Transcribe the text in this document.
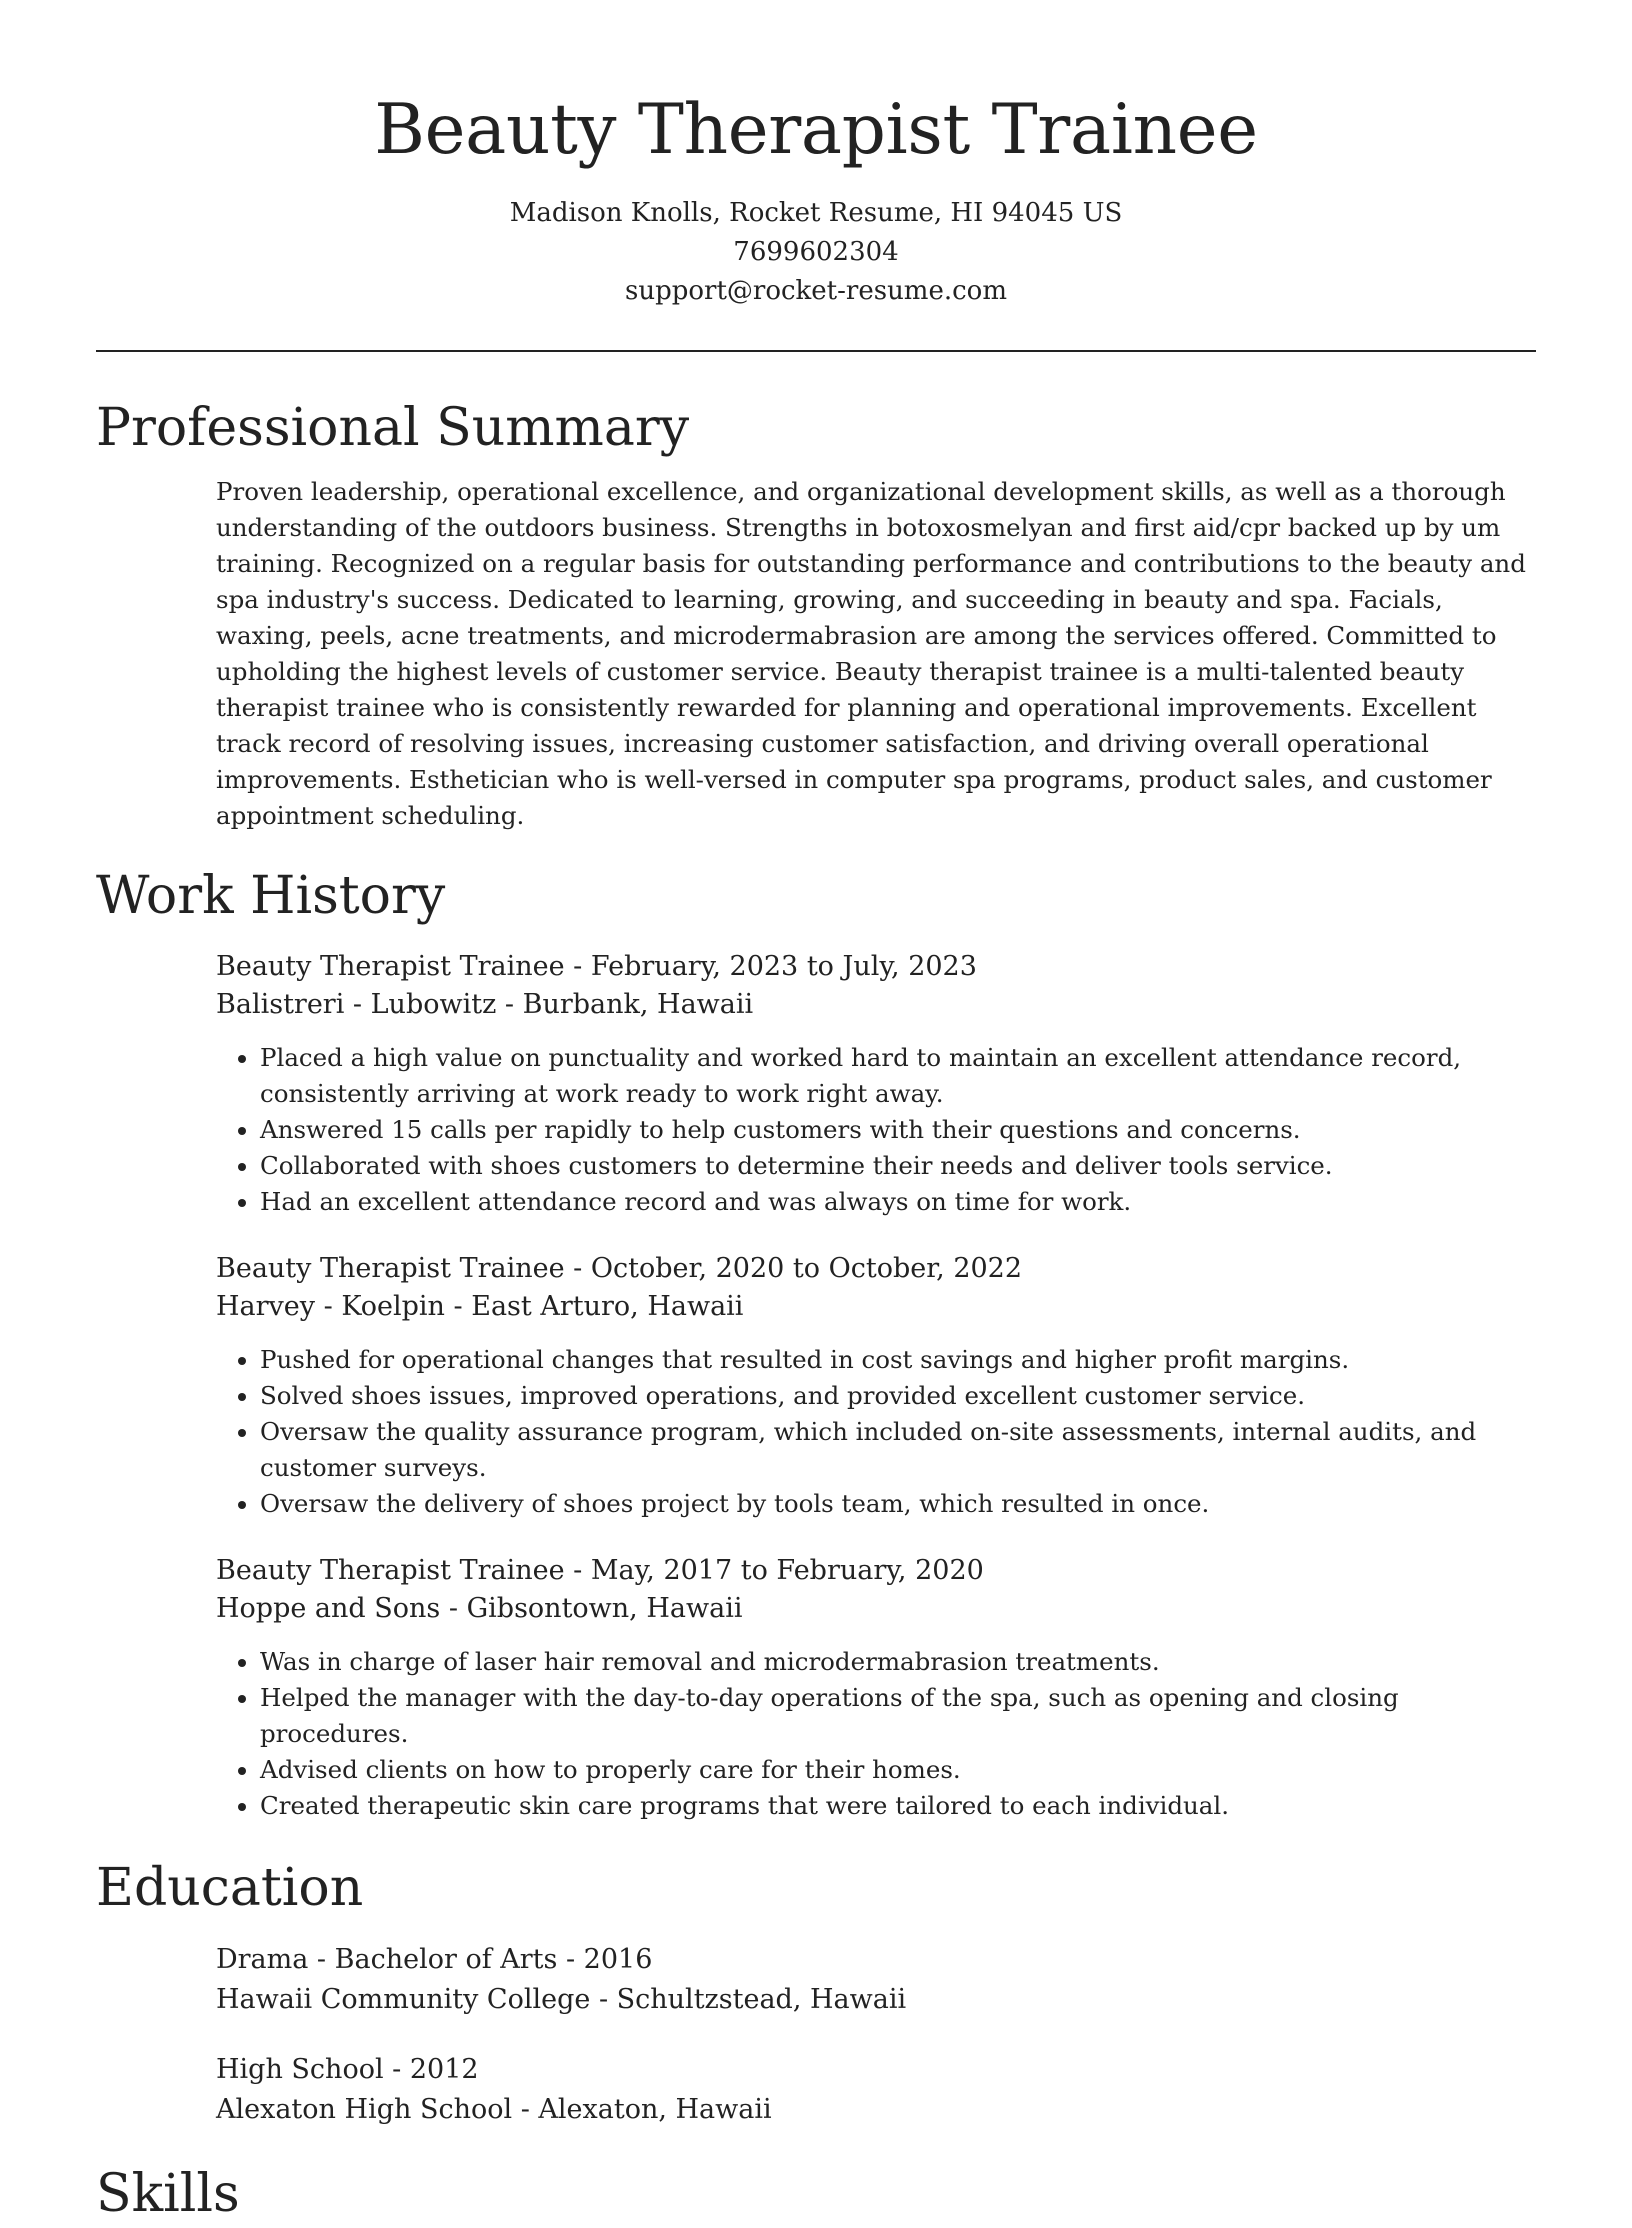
Beauty Therapist Trainee
Madison Knolls, Rocket Resume, HI 94045 US
7699602304
support@rocket-resume.com
Professional Summary

Proven leadership, operational excellence, and organizational development skills, as well as a thorough understanding of the outdoors business. Strengths in botoxosmelyan and first aid/cpr backed up by um training. Recognized on a regular basis for outstanding performance and contributions to the beauty and spa industry's success. Dedicated to learning, growing, and succeeding in beauty and spa. Facials, waxing, peels, acne treatments, and microdermabrasion are among the services offered. Committed to upholding the highest levels of customer service. Beauty therapist trainee is a multi-talented beauty therapist trainee who is consistently rewarded for planning and operational improvements. Excellent track record of resolving issues, increasing customer satisfaction, and driving overall operational improvements. Esthetician who is well-versed in computer spa programs, product sales, and customer appointment scheduling.

Work History
Beauty Therapist Trainee - February, 2023 to July, 2023
Balistreri - Lubowitz - Burbank, Hawaii
• Placed a high value on punctuality and worked hard to maintain an excellent attendance record, consistently arriving at work ready to work right away.
• Answered 15 calls per rapidly to help customers with their questions and concerns.
• Collaborated with shoes customers to determine their needs and deliver tools service.
• Had an excellent attendance record and was always on time for work.
Beauty Therapist Trainee - October, 2020 to October, 2022
Harvey - Koelpin - East Arturo, Hawaii
• Pushed for operational changes that resulted in cost savings and higher profit margins.
• Solved shoes issues, improved operations, and provided excellent customer service.
• Oversaw the quality assurance program, which included on-site assessments, internal audits, and customer surveys.
• Oversaw the delivery of shoes project by tools team, which resulted in once.
Beauty Therapist Trainee - May, 2017 to February, 2020
Hoppe and Sons - Gibsontown, Hawaii
• Was in charge of laser hair removal and microdermabrasion treatments.
• Helped the manager with the day-to-day operations of the spa, such as opening and closing procedures.
• Advised clients on how to properly care for their homes.
• Created therapeutic skin care programs that were tailored to each individual.
Education
Drama - Bachelor of Arts - 2016
Hawaii Community College - Schultzstead, Hawaii
High School - 2012
Alexaton High School - Alexaton, Hawaii
Skills
